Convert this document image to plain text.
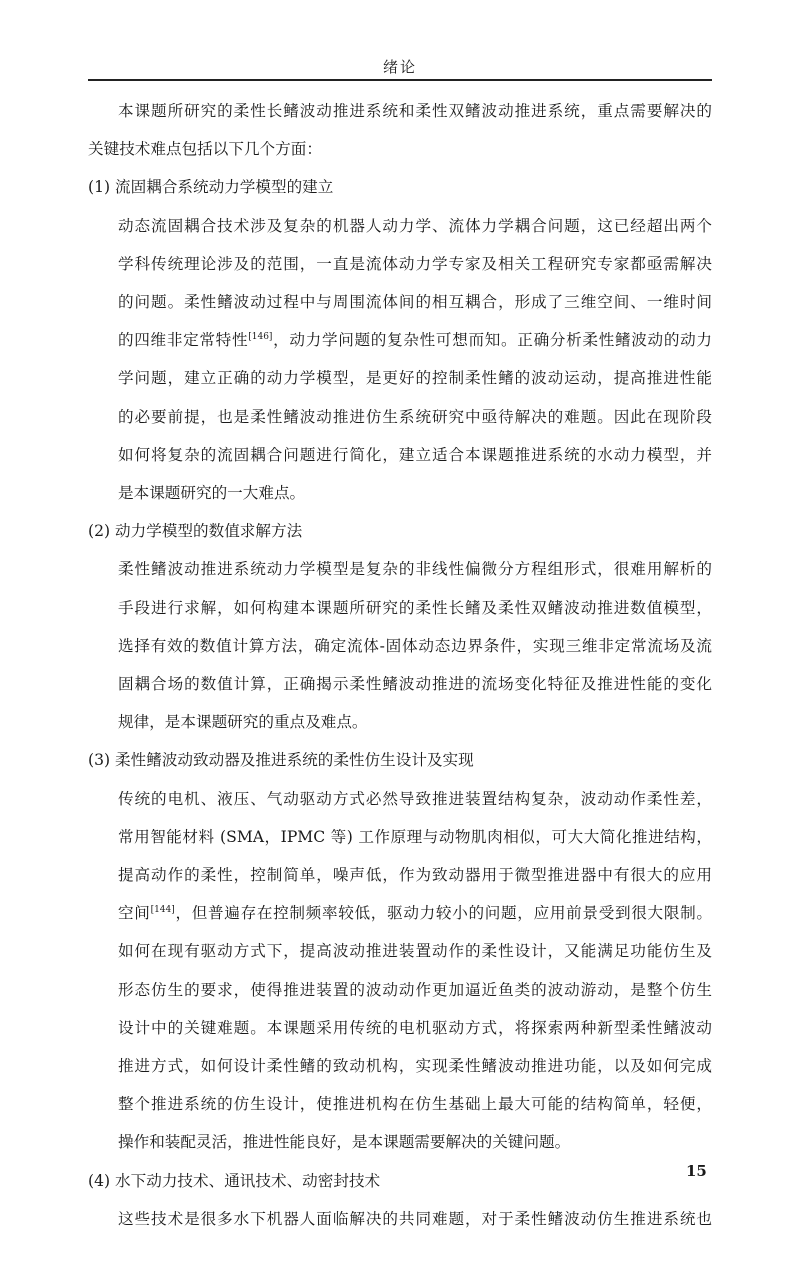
绪论
本课题所研究的柔性长鳍波动推进系统和柔性双鳍波动推进系统，重点需要解决的
关键技术难点包括以下几个方面：
(1) 流固耦合系统动力学模型的建立
动态流固耦合技术涉及复杂的机器人动力学、流体力学耦合问题，这已经超出两个
学科传统理论涉及的范围，一直是流体动力学专家及相关工程研究专家都亟需解决
的问题。柔性鳍波动过程中与周围流体间的相互耦合，形成了三维空间、一维时间
的四维非定常特性[146]，动力学问题的复杂性可想而知。正确分析柔性鳍波动的动力
学问题，建立正确的动力学模型，是更好的控制柔性鳍的波动运动，提高推进性能
的必要前提，也是柔性鳍波动推进仿生系统研究中亟待解决的难题。因此在现阶段
如何将复杂的流固耦合问题进行简化，建立适合本课题推进系统的水动力模型，并
是本课题研究的一大难点。
(2) 动力学模型的数值求解方法
柔性鳍波动推进系统动力学模型是复杂的非线性偏微分方程组形式，很难用解析的
手段进行求解，如何构建本课题所研究的柔性长鳍及柔性双鳍波动推进数值模型，
选择有效的数值计算方法，确定流体-固体动态边界条件，实现三维非定常流场及流
固耦合场的数值计算，正确揭示柔性鳍波动推进的流场变化特征及推进性能的变化
规律，是本课题研究的重点及难点。
(3) 柔性鳍波动致动器及推进系统的柔性仿生设计及实现
传统的电机、液压、气动驱动方式必然导致推进装置结构复杂，波动动作柔性差，
常用智能材料 (SMA，IPMC 等) 工作原理与动物肌肉相似，可大大简化推进结构，
提高动作的柔性，控制简单，噪声低，作为致动器用于微型推进器中有很大的应用
空间[144]，但普遍存在控制频率较低，驱动力较小的问题，应用前景受到很大限制。
如何在现有驱动方式下，提高波动推进装置动作的柔性设计，又能满足功能仿生及
形态仿生的要求，使得推进装置的波动动作更加逼近鱼类的波动游动，是整个仿生
设计中的关键难题。本课题采用传统的电机驱动方式，将探索两种新型柔性鳍波动
推进方式，如何设计柔性鳍的致动机构，实现柔性鳍波动推进功能，以及如何完成
整个推进系统的仿生设计，使推进机构在仿生基础上最大可能的结构简单，轻便，
操作和装配灵活，推进性能良好，是本课题需要解决的关键问题。
(4) 水下动力技术、通讯技术、动密封技术
这些技术是很多水下机器人面临解决的共同难题，对于柔性鳍波动仿生推进系统也
15
